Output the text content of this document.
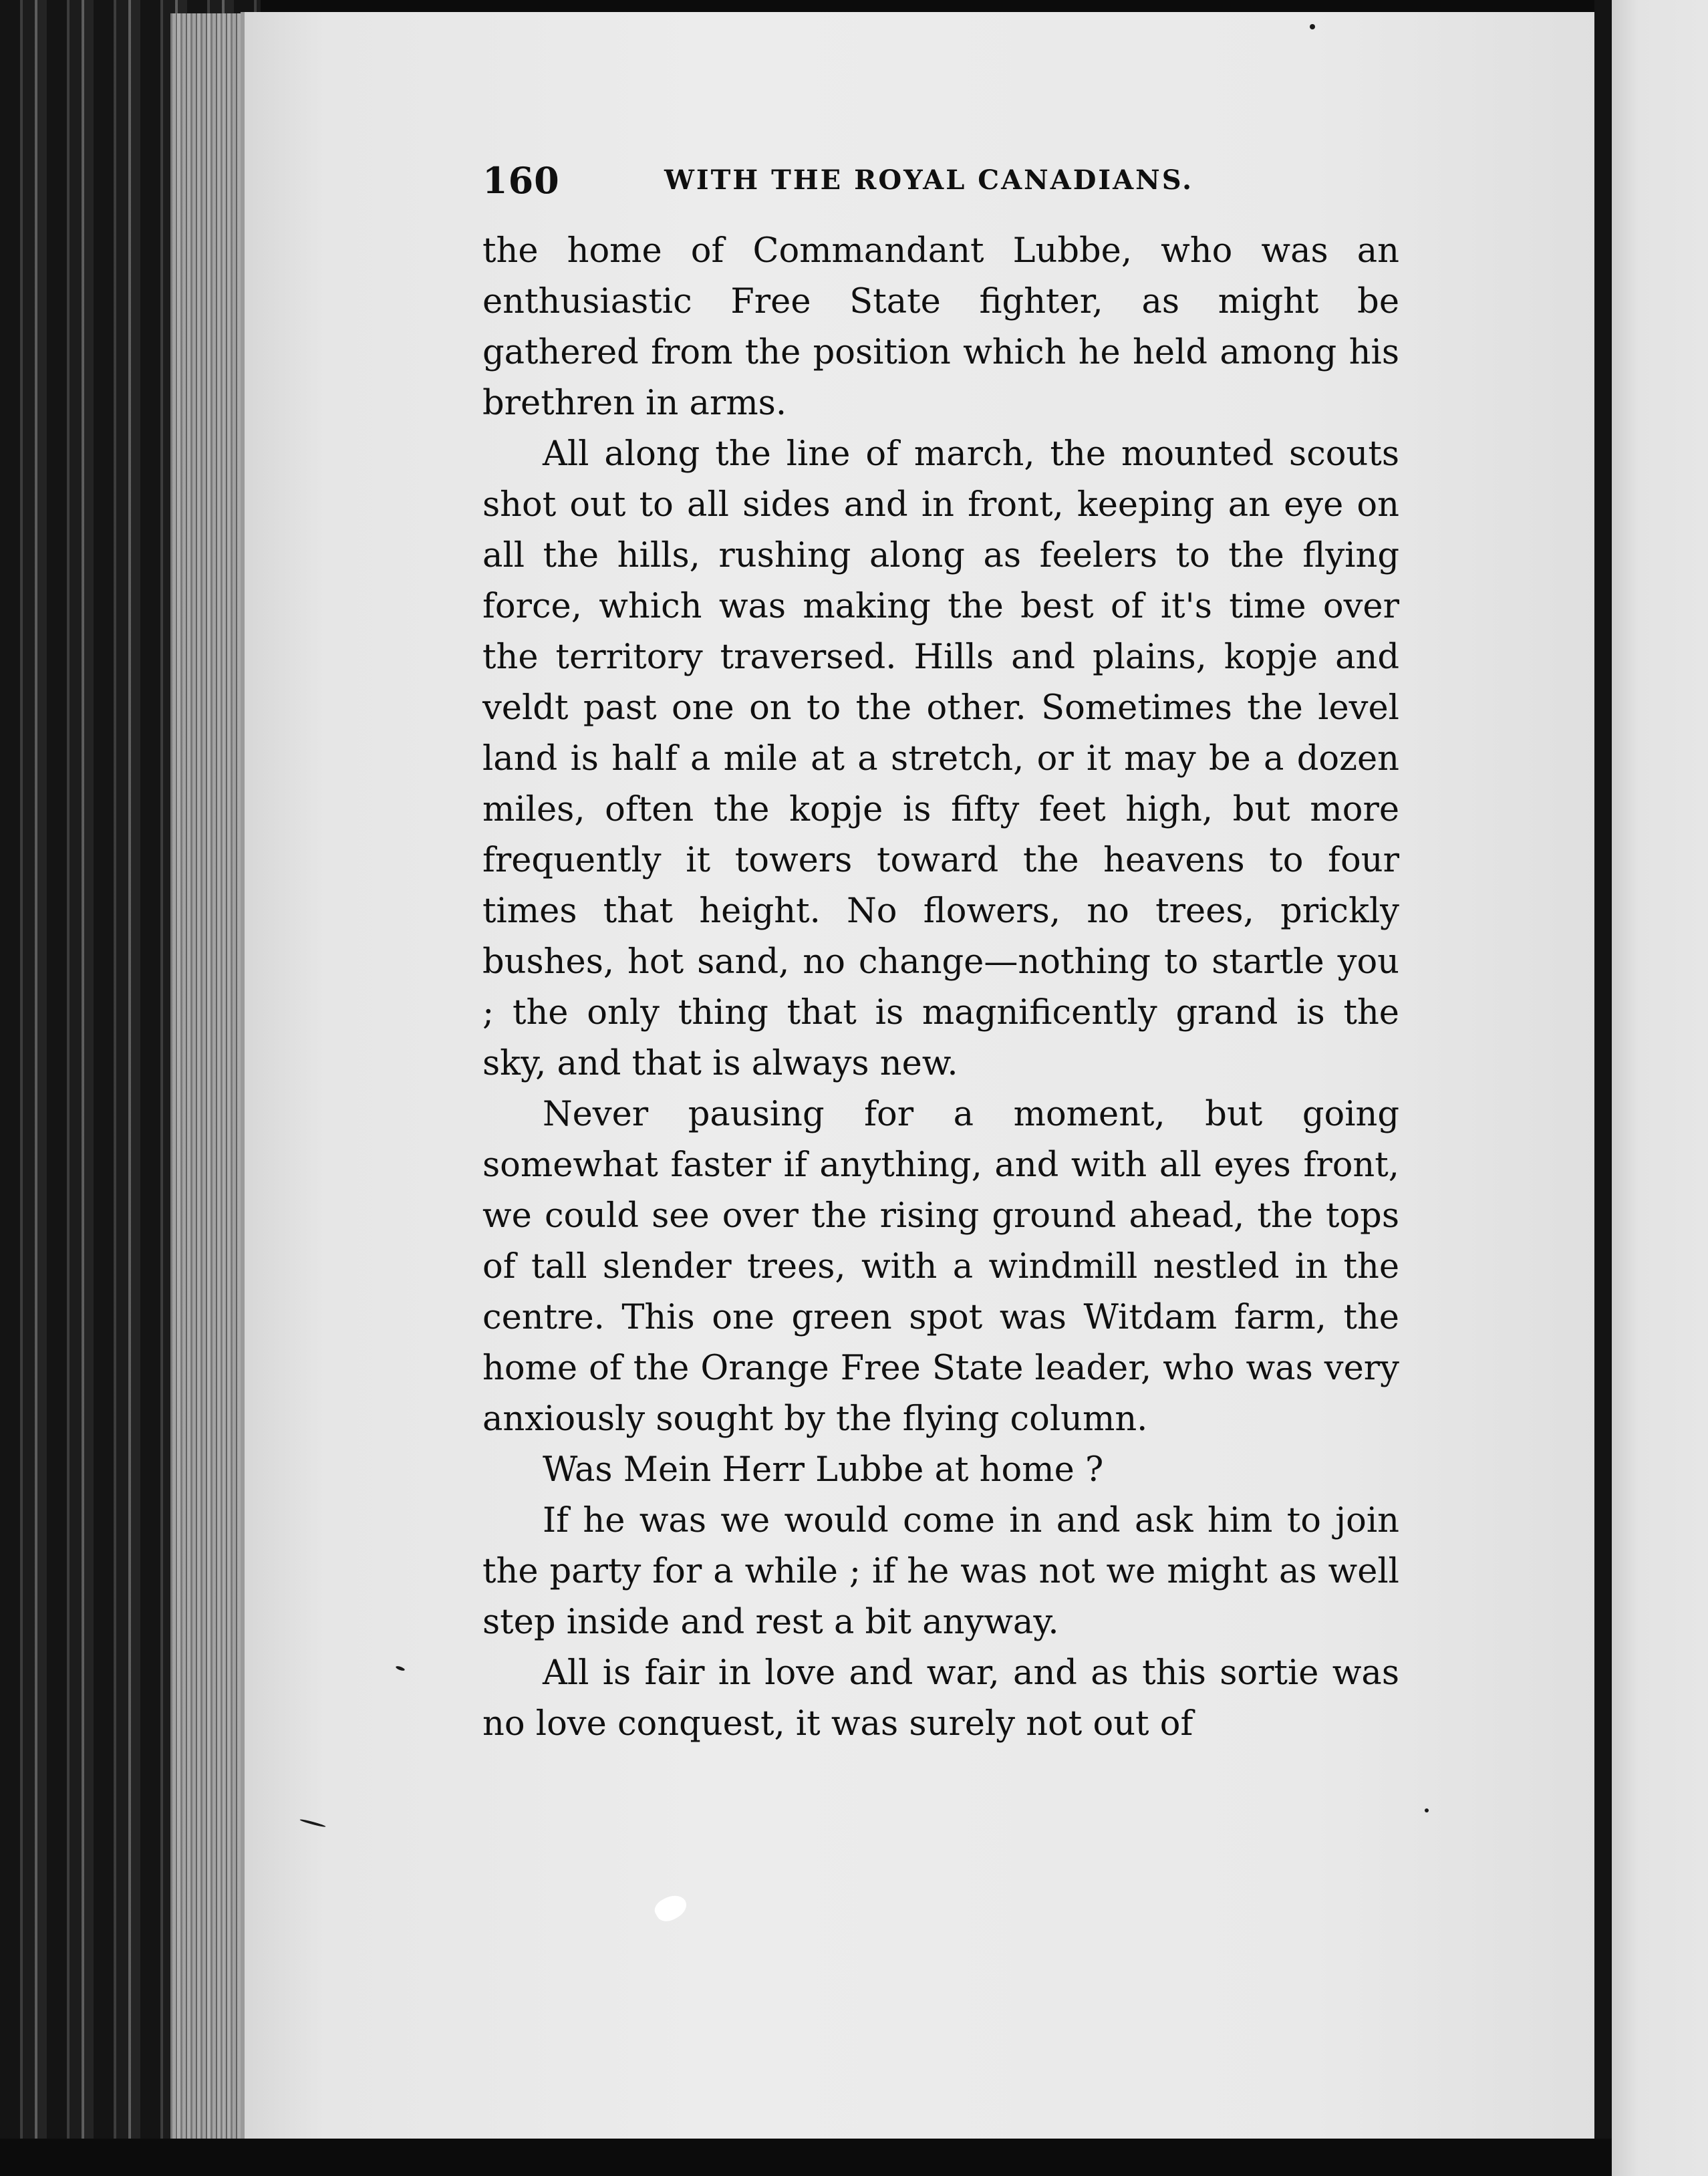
160	WITH THE ROYAL CANADIANS.

the home of Commandant Lubbe, who was an enthusiastic Free State fighter, as might be gathered from the position which he held among his brethren in arms.

All along the line of march, the mounted scouts shot out to all sides and in front, keeping an eye on all the hills, rushing along as feelers to the flying force, which was making the best of it's time over the territory traversed. Hills and plains, kopje and veldt past one on to the other. Sometimes the level land is half a mile at a stretch, or it may be a dozen miles, often the kopje is fifty feet high, but more frequently it towers toward the heavens to four times that height. No flowers, no trees, prickly bushes, hot sand, no change—nothing to startle you ; the only thing that is magnificently grand is the sky, and that is always new.

Never pausing for a moment, but going somewhat faster if anything, and with all eyes front, we could see over the rising ground ahead, the tops of tall slender trees, with a windmill nestled in the centre. This one green spot was Witdam farm, the home of the Orange Free State leader, who was very anxiously sought by the flying column.

Was Mein Herr Lubbe at home ?

If he was we would come in and ask him to join the party for a while ; if he was not we might as well step inside and rest a bit anyway.

All is fair in love and war, and as this sortie was no love conquest, it was surely not out of
